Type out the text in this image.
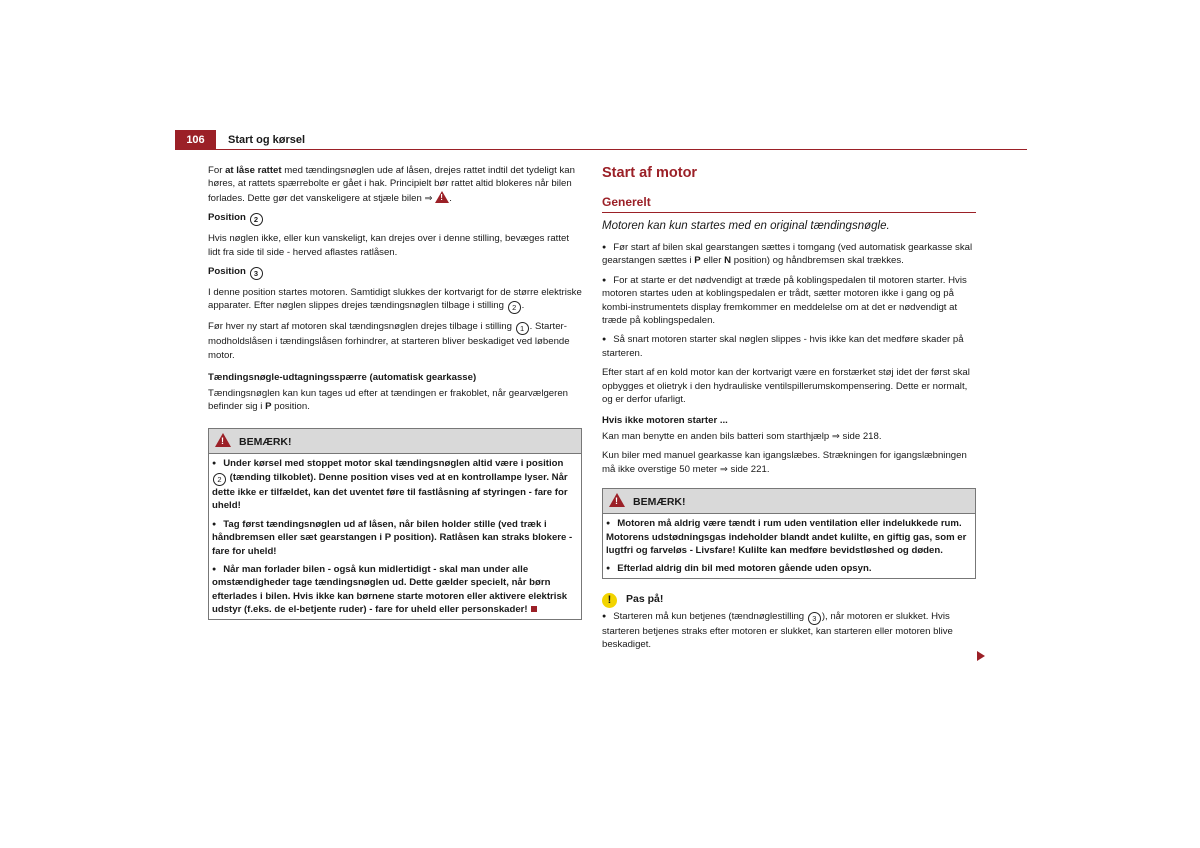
106	Start og kørsel

For at låse rattet med tændingsnøglen ude af låsen, drejes rattet indtil det tydeligt kan høres, at rattets spærrebolte er gået i hak. Principielt bør rattet altid blokeres når bilen forlades. Dette gør det vanskeligere at stjæle bilen ⇒ !.

Position 2

Hvis nøglen ikke, eller kun vanskeligt, kan drejes over i denne stilling, bevæges rattet lidt fra side til side - herved aflastes ratlåsen.

Position 3

I denne position startes motoren. Samtidigt slukkes der kortvarigt for de større elektriske apparater. Efter nøglen slippes drejes tændingsnøglen tilbage i stilling 2 .

Før hver ny start af motoren skal tændingsnøglen drejes tilbage i stilling 1 . Startermodholdslåsen i tændingslåsen forhindrer, at starteren bliver beskadiget ved løbende motor.

Tændingsnøgle-udtagningsspærre (automatisk gearkasse)

Tændingsnøglen kan kun tages ud efter at tændingen er frakoblet, når gearvælgeren befinder sig i P position.

!BEMÆRK!

● Under kørsel med stoppet motor skal tændingsnøglen altid være i position 2 (tænding tilkoblet). Denne position vises ved at en kontrollampe lyser. Når dette ikke er tilfældet, kan det uventet føre til fastlåsning af styringen - fare for uheld!

● Tag først tændingsnøglen ud af låsen, når bilen holder stille (ved træk i håndbremsen eller sæt gearstangen i P position). Ratlåsen kan straks blokere - fare for uheld!

● Når man forlader bilen - også kun midlertidigt - skal man under alle omstændigheder tage tændingsnøglen ud. Dette gælder specielt, når børn efterlades i bilen. Hvis ikke kan børnene starte motoren eller aktivere elektrisk udstyr (f.eks. de el-betjente ruder) - fare for uheld eller personskader!

Start af motor
Generelt

Motoren kan kun startes med en original tændingsnøgle.

● Før start af bilen skal gearstangen sættes i tomgang (ved automatisk gearkasse skal gearstangen sættes i P eller N position) og håndbremsen skal trækkes.

● For at starte er det nødvendigt at træde på koblingspedalen til motoren starter. Hvis motoren startes uden at koblingspedalen er trådt, sætter motoren ikke i gang og på kombi-instrumentets display fremkommer en meddelelse om at det er nødvendigt at træde på koblingspedalen.

● Så snart motoren starter skal nøglen slippes - hvis ikke kan det medføre skader på starteren.

Efter start af en kold motor kan der kortvarigt være en forstærket støj idet der først skal opbygges et olietryk i den hydrauliske ventilspillerumskompensering. Dette er normalt, og er derfor ufarligt.

Hvis ikke motoren starter ...

Kan man benytte en anden bils batteri som starthjælp ⇒ side 218.

Kun biler med manuel gearkasse kan igangslæbes. Strækningen for igangslæbningen må ikke overstige 50 meter ⇒ side 221.

!BEMÆRK!

● Motoren må aldrig være tændt i rum uden ventilation eller indelukkede rum. Motorens udstødningsgas indeholder blandt andet kulilte, en giftig gas, som er lugtfri og farveløs - Livsfare! Kulilte kan medføre bevidstløshed og døden.

● Efterlad aldrig din bil med motoren gående uden opsyn.

! Pas på!

● Starteren må kun betjenes (tændnøglestilling 3 ), når motoren er slukket. Hvis starteren betjenes straks efter motoren er slukket, kan starteren eller motoren blive beskadiget.
